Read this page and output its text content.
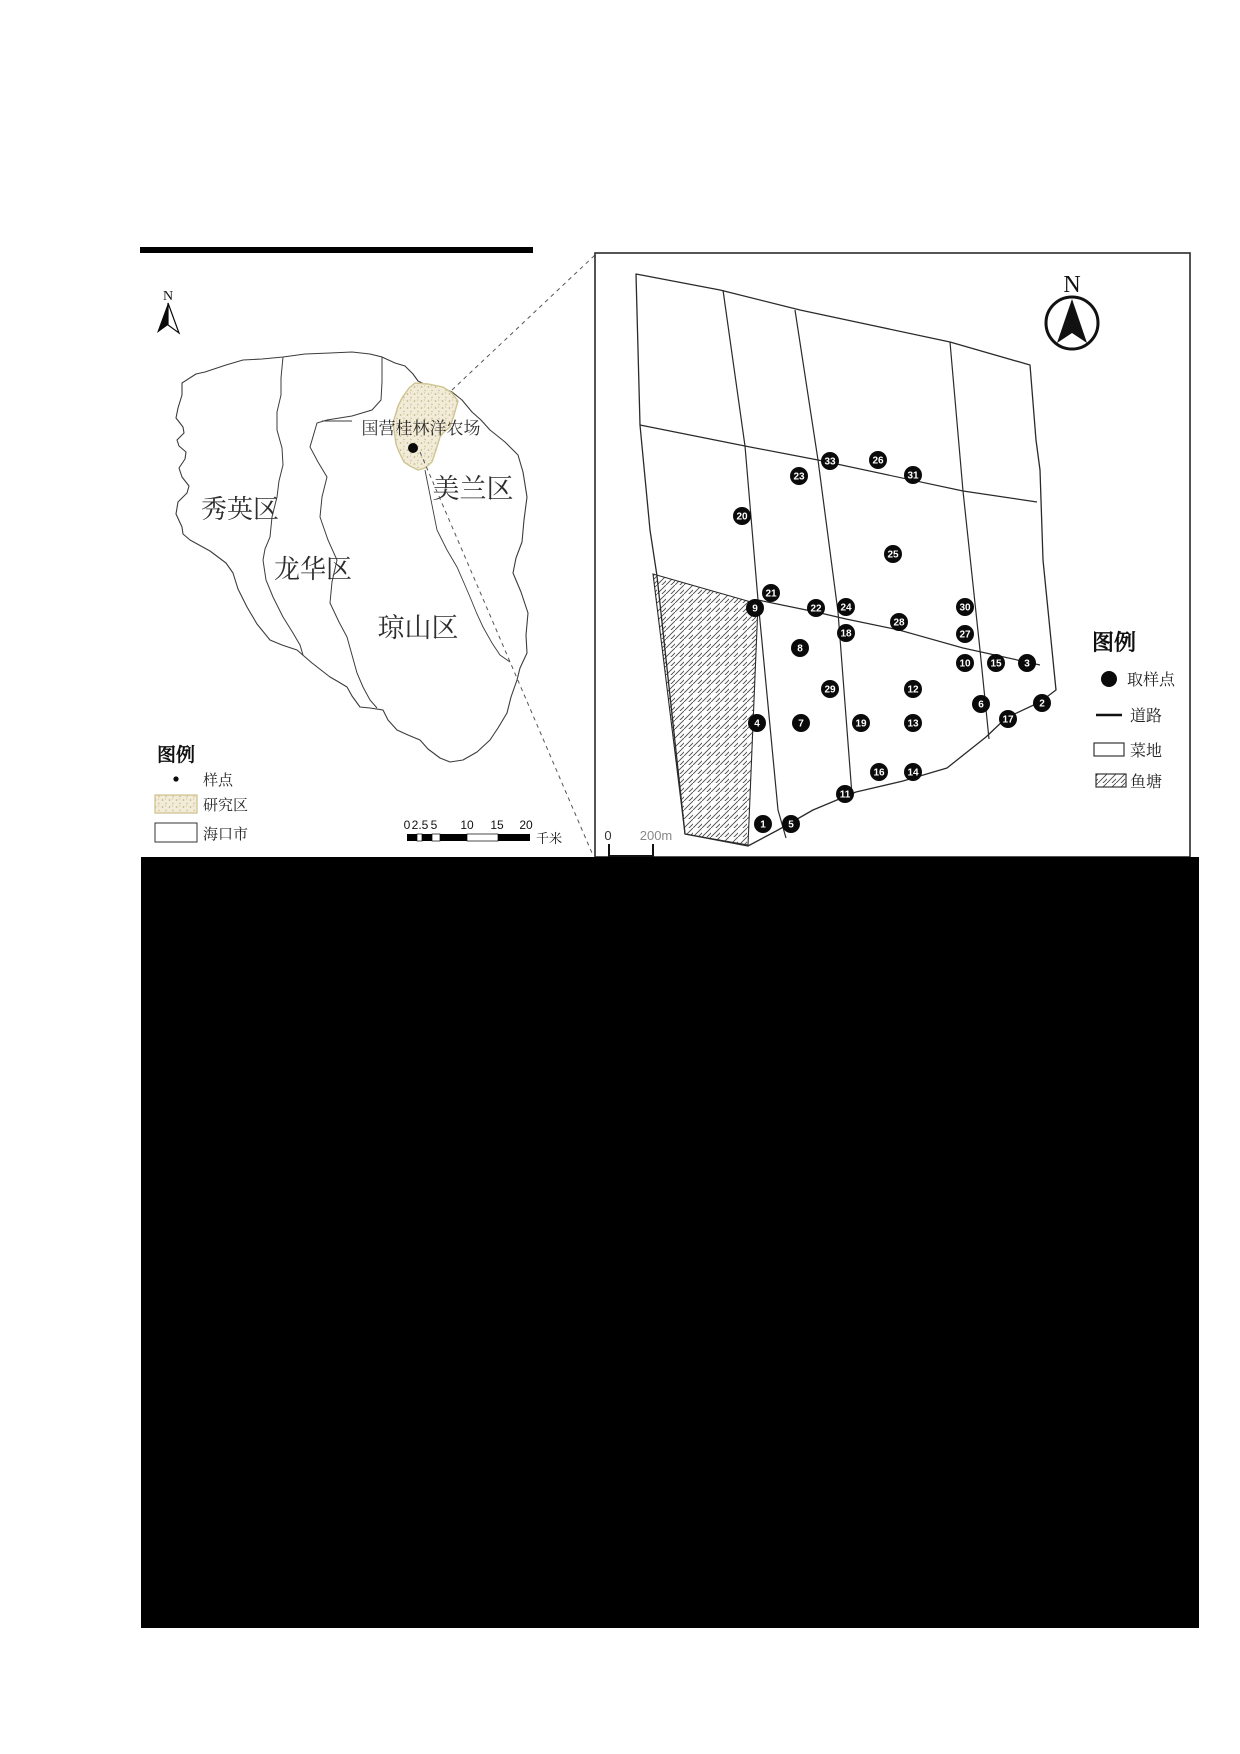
N
国营桂林洋农场
秀英区
龙华区
琼山区
美兰区
图例
样点
研究区
海口市
0 2.5 5 10 15 20
千米
N
1
2
3
4
5
6
7
8
9
10
11
12
13
14
15
16
17
18
19
20
21
22
23
24
25
26
27
28
29
30
31
33
图例
取样点
道路
菜地
鱼塘
0 200m
